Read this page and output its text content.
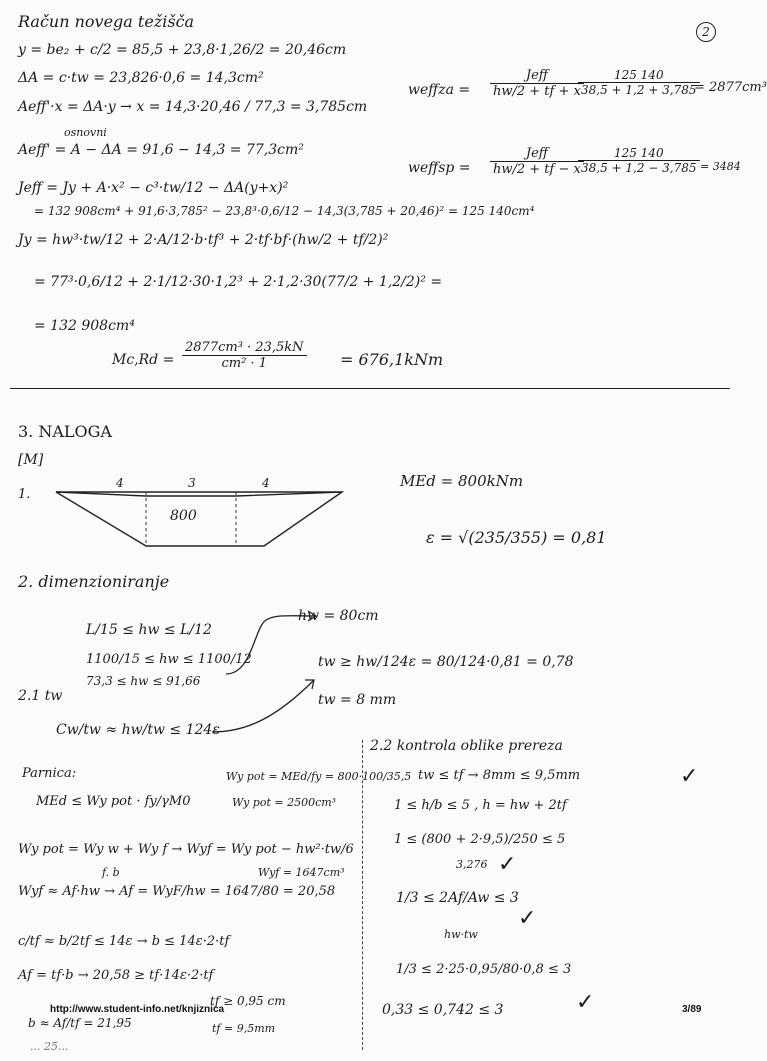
2
Račun novega težišča
y = be₂ + c/2 = 85,5 + 23,8·1,26/2 = 20,46cm
ΔA = c·tw = 23,826·0,6 = 14,3cm²
Aeff'·x = ΔA·y → x = 14,3·20,46 / 77,3 = 3,785cm
osnovni
Aeff' = A − ΔA = 91,6 − 14,3 = 77,3cm²
Jeff = Jy + A·x² − c³·tw/12 − ΔA(y+x)²
= 132 908cm⁴ + 91,6·3,785² − 23,8³·0,6/12 − 14,3(3,785 + 20,46)² = 125 140cm⁴
Jy = hw³·tw/12 + 2·A/12·b·tf³ + 2·tf·bf·(hw/2 + tf/2)²
= 77³·0,6/12 + 2·1/12·30·1,2³ + 2·1,2·30(77/2 + 1,2/2)² =
= 132 908cm⁴
weffza =
Jeff
hw/2 + tf + x
$\frac{125 140}{38,5 + 1,2 + 3,785}$
= 2877cm³
weffsp =
Jeff
hw/2 + tf − x
$\frac{125 140}{38,5 + 1,2 - 3,785} = 3484$
$Mc,Rd = \frac{\text{2877cm³ · 23,5kN}}{\text{cm² · 1}} = 676,1kNm$
3. NALOGA
[M]
1.
4	3	4
800
MEd = 800kNm
ε = √(235/355) = 0,81
2. dimenzioniranje
L/15 ≤ hw ≤ L/12
1100/15 ≤ hw ≤ 1100/12
73,3 ≤ hw ≤ 91,66
hw = 80cm
tw ≥ hw/124ε = 80/124·0,81 = 0,78
tw = 8 mm
2.1 tw
Cw/tw ≈ hw/tw ≤ 124ε
Parnica:
MEd ≤ Wy pot · fy/γM0
Wy pot = MEd/fy = 800·100/35,5
Wy pot = 2500cm³
Wy pot = Wy w + Wy f → Wyf = Wy pot − hw²·tw/6
f. b	Wyf = 1647cm³
Wyf ≈ Af·hw → Af = WyF/hw = 1647/80 = 20,58
c/tf ≈ b/2tf ≤ 14ε → b ≤ 14ε·2·tf
Af = tf·b → 20,58 ≥ tf·14ε·2·tf
tf ≥ 0,95 cm
b ≈ Af/tf = 21,95	tf = 9,5mm
... 25...
2.2 kontrola oblike prereza
tw ≤ tf → 8mm ≤ 9,5mm	✓
1 ≤ h/b ≤ 5 , h = hw + 2tf
1 ≤ (800 + 2·9,5)/250 ≤ 5
3,276 ✓
1/3 ≤ 2Af/Aw ≤ 3
hw·tw
✓
1/3 ≤ 2·25·0,95/80·0,8 ≤ 3
0,33 ≤ 0,742 ≤ 3	✓
http://www.student-info.net/knjiznica	3/89
